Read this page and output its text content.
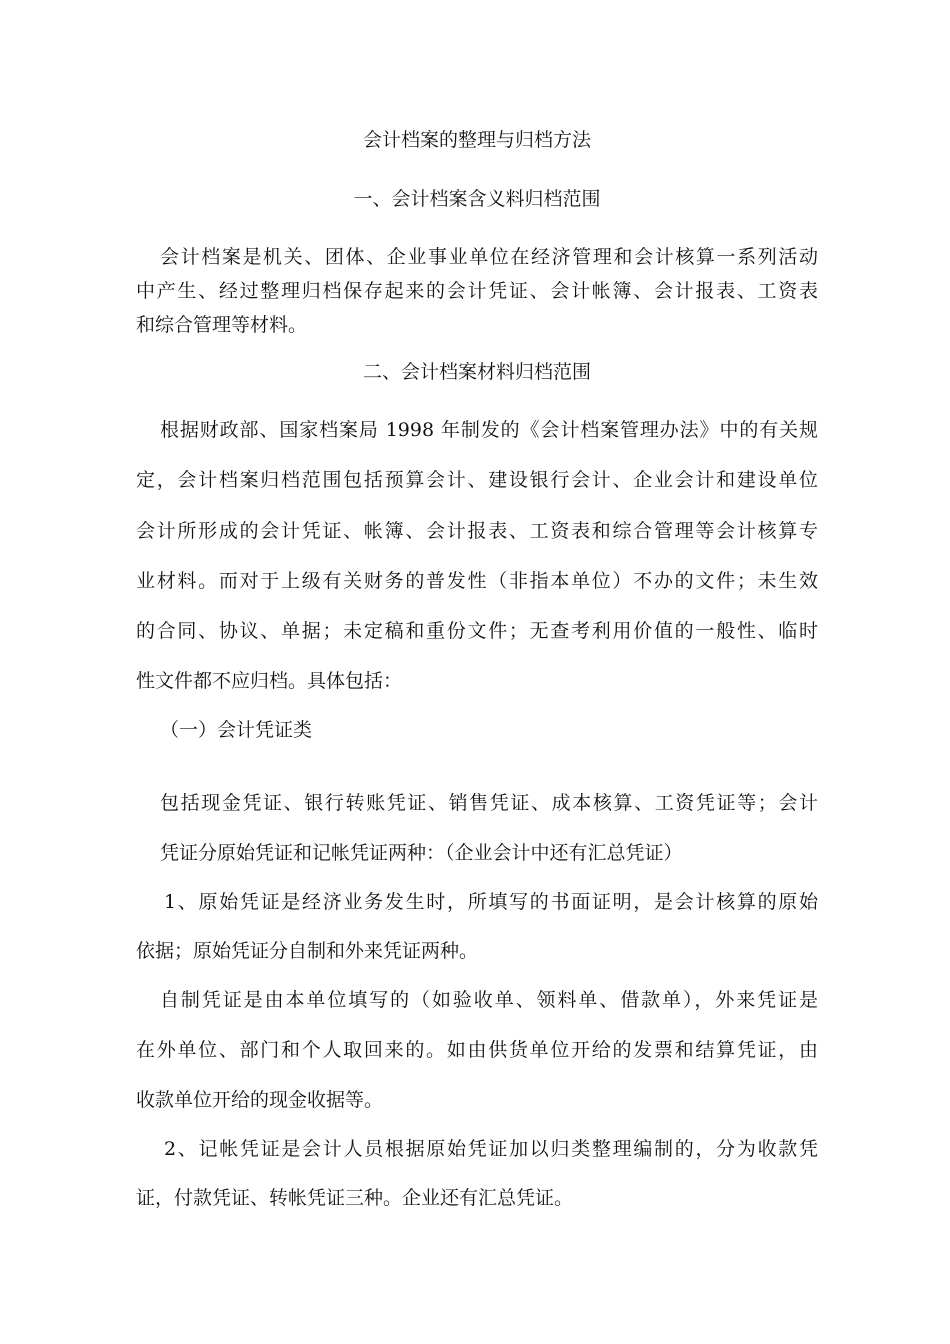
会计档案的整理与归档方法
一、会计档案含义料归档范围
会计档案是机关、团体、企业事业单位在经济管理和会计核算一系列活动
中产生、经过整理归档保存起来的会计凭证、会计帐簿、会计报表、工资表
和综合管理等材料。
二、会计档案材料归档范围
根据财政部、国家档案局 1998 年制发的《会计档案管理办法》中的有关规
定，会计档案归档范围包括预算会计、建设银行会计、企业会计和建设单位
会计所形成的会计凭证、帐簿、会计报表、工资表和综合管理等会计核算专
业材料。而对于上级有关财务的普发性（非指本单位）不办的文件；未生效
的合同、协议、单据；未定稿和重份文件；无查考利用价值的一般性、临时
性文件都不应归档。具体包括：
（一）会计凭证类
包括现金凭证、银行转账凭证、销售凭证、成本核算、工资凭证等；会计
凭证分原始凭证和记帐凭证两种：（企业会计中还有汇总凭证）
1、原始凭证是经济业务发生时，所填写的书面证明，是会计核算的原始
依据；原始凭证分自制和外来凭证两种。
自制凭证是由本单位填写的（如验收单、领料单、借款单），外来凭证是
在外单位、部门和个人取回来的。如由供货单位开给的发票和结算凭证，由
收款单位开给的现金收据等。
2、记帐凭证是会计人员根据原始凭证加以归类整理编制的，分为收款凭
证，付款凭证、转帐凭证三种。企业还有汇总凭证。
